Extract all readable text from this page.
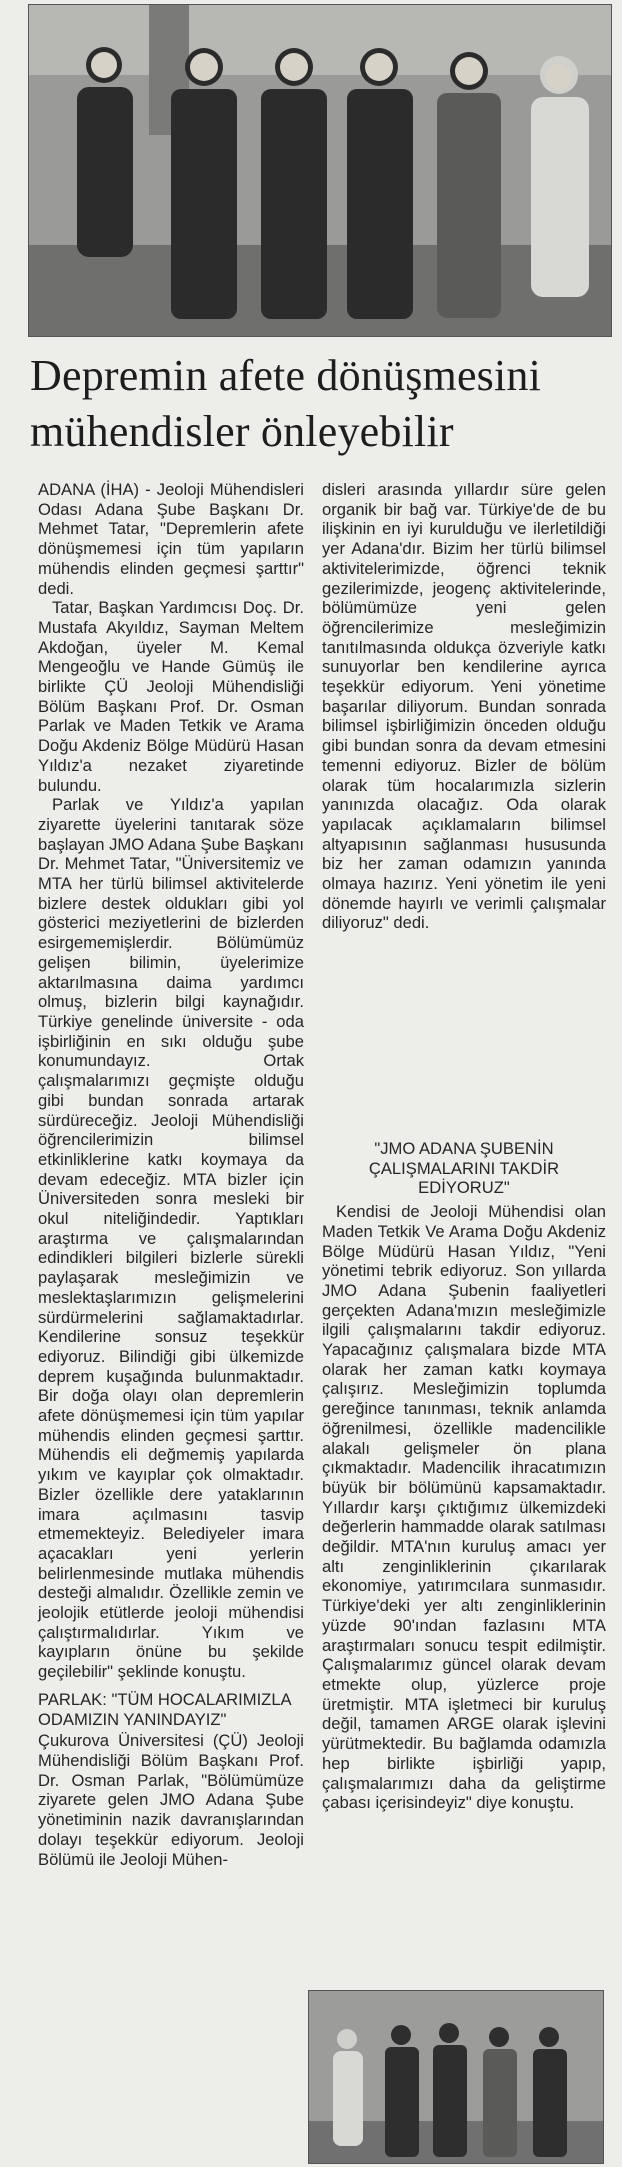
Depremin afete dönüşmesini mühendisler önleyebilir

ADANA (İHA) - Jeoloji Mühendisleri Odası Adana Şube Başkanı Dr. Mehmet Tatar, "Depremlerin afete dönüşmemesi için tüm yapıların mühendis elinden geçmesi şarttır" dedi.

Tatar, Başkan Yardımcısı Doç. Dr. Mustafa Akyıldız, Sayman Meltem Akdoğan, üyeler M. Kemal Mengeoğlu ve Hande Gümüş ile birlikte ÇÜ Jeoloji Mühendisliği Bölüm Başkanı Prof. Dr. Osman Parlak ve Maden Tetkik ve Arama Doğu Akdeniz Bölge Müdürü Hasan Yıldız'a nezaket ziyaretinde bulundu.

Parlak ve Yıldız'a yapılan ziyarette üyelerini tanıtarak söze başlayan JMO Adana Şube Başkanı Dr. Mehmet Tatar, "Üniversitemiz ve MTA her türlü bilimsel aktivitelerde bizlere destek oldukları gibi yol gösterici meziyetlerini de bizlerden esirgememişlerdir. Bölümümüz gelişen bilimin, üyelerimize aktarılmasına daima yardımcı olmuş, bizlerin bilgi kaynağıdır. Türkiye genelinde üniversite - oda işbirliğinin en sıkı olduğu şube konumundayız. Ortak çalışmalarımızı geçmişte olduğu gibi bundan sonrada artarak sürdüreceğiz. Jeoloji Mühendisliği öğrencilerimizin bilimsel etkinliklerine katkı koymaya da devam edeceğiz. MTA bizler için Üniversiteden sonra mesleki bir okul niteliğindedir. Yaptıkları araştırma ve çalışmalarından edindikleri bilgileri bizlerle sürekli paylaşarak mesleğimizin ve meslektaşlarımızın gelişmelerini sürdürmelerini sağlamaktadırlar. Kendilerine sonsuz teşekkür ediyoruz. Bilindiği gibi ülkemizde deprem kuşağında bulunmaktadır. Bir doğa olayı olan depremlerin afete dönüşmemesi için tüm yapılar mühendis elinden geçmesi şarttır. Mühendis eli değmemiş yapılarda yıkım ve kayıplar çok olmaktadır. Bizler özellikle dere yataklarının imara açılmasını tasvip etmemekteyiz. Belediyeler imara açacakları yeni yerlerin belirlenmesinde mutlaka mühendis desteği almalıdır. Özellikle zemin ve jeolojik etütlerde jeoloji mühendisi çalıştırmalıdırlar. Yıkım ve kayıpların önüne bu şekilde geçilebilir" şeklinde konuştu.

PARLAK: "TÜM HOCALARIMIZLA ODAMIZIN YANINDAYIZ"

Çukurova Üniversitesi (ÇÜ) Jeoloji Mühendisliği Bölüm Başkanı Prof. Dr. Osman Parlak, "Bölümümüze ziyarete gelen JMO Adana Şube yönetiminin nazik davranışlarından dolayı teşekkür ediyorum. Jeoloji Bölümü ile Jeoloji Mühen-

disleri arasında yıllardır süre gelen organik bir bağ var. Türkiye'de de bu ilişkinin en iyi kurulduğu ve ilerletildiği yer Adana'dır. Bizim her türlü bilimsel aktivitelerimizde, öğrenci teknik gezilerimizde, jeogenç aktivitelerinde, bölümümüze yeni gelen öğrencilerimize mesleğimizin tanıtılmasında oldukça özveriyle katkı sunuyorlar ben kendilerine ayrıca teşekkür ediyorum. Yeni yönetime başarılar diliyorum. Bundan sonrada bilimsel işbirliğimizin önceden olduğu gibi bundan sonra da devam etmesini temenni ediyoruz. Bizler de bölüm olarak tüm hocalarımızla sizlerin yanınızda olacağız. Oda olarak yapılacak açıklamaların bilimsel altyapısının sağlanması hususunda biz her zaman odamızın yanında olmaya hazırız. Yeni yönetim ile yeni dönemde hayırlı ve verimli çalışmalar diliyoruz" dedi.

"JMO ADANA ŞUBENİN ÇALIŞMALARINI TAKDİR EDİYORUZ"

Kendisi de Jeoloji Mühendisi olan Maden Tetkik Ve Arama Doğu Akdeniz Bölge Müdürü Hasan Yıldız, "Yeni yönetimi tebrik ediyoruz. Son yıllarda JMO Adana Şubenin faaliyetleri gerçekten Adana'mızın mesleğimizle ilgili çalışmalarını takdir ediyoruz. Yapacağınız çalışmalara bizde MTA olarak her zaman katkı koymaya çalışırız. Mesleğimizin toplumda gereğince tanınması, teknik anlamda öğrenilmesi, özellikle madencilikle alakalı gelişmeler ön plana çıkmaktadır. Madencilik ihracatımızın büyük bir bölümünü kapsamaktadır. Yıllardır karşı çıktığımız ülkemizdeki değerlerin hammadde olarak satılması değildir. MTA'nın kuruluş amacı yer altı zenginliklerinin çıkarılarak ekonomiye, yatırımcılara sunmasıdır. Türkiye'deki yer altı zenginliklerinin yüzde 90'ından fazlasını MTA araştırmaları sonucu tespit edilmiştir. Çalışmalarımız güncel olarak devam etmekte olup, yüzlerce proje üretmiştir. MTA işletmeci bir kuruluş değil, tamamen ARGE olarak işlevini yürütmektedir. Bu bağlamda odamızla hep birlikte işbirliği yapıp, çalışmalarımızı daha da geliştirme çabası içerisindeyiz" diye konuştu.
